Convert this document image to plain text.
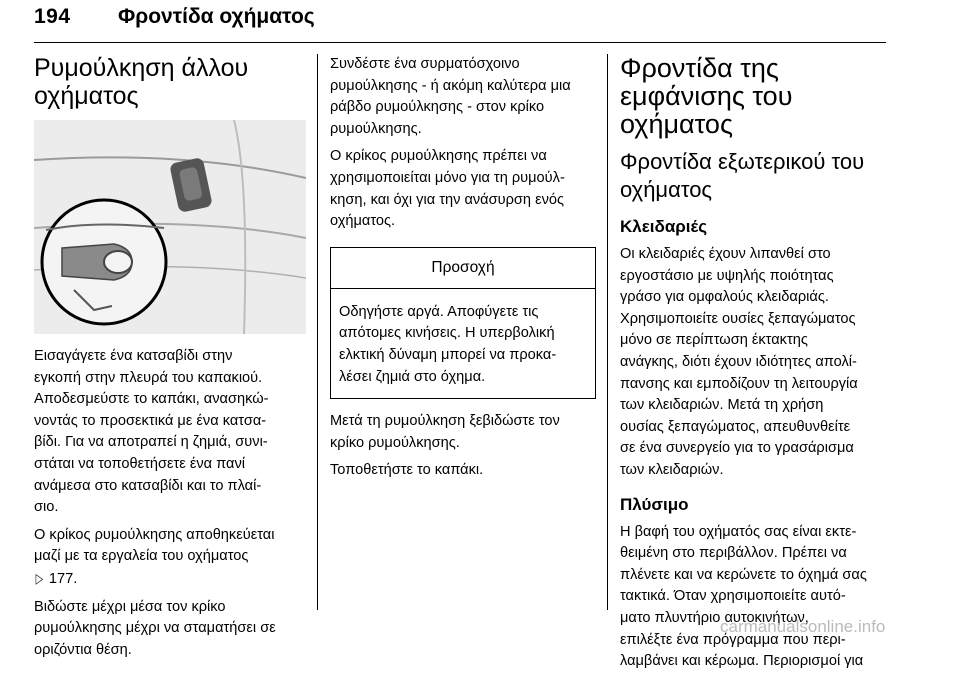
194 Φροντίδα οχήματος
Ρυμούλκηση άλλου
οχήματος
Εισαγάγετε ένα κατσαβίδι στην
εγκοπή στην πλευρά του καπακιού.
Αποδεσμεύστε το καπάκι, ανασηκώ-
νοντάς το προσεκτικά με ένα κατσα-
βίδι. Για να αποτραπεί η ζημιά, συνι-
στάται να τοποθετήσετε ένα πανί
ανάμεσα στο κατσαβίδι και το πλαί-
σιο.
Ο κρίκος ρυμούλκησης αποθηκεύεται
μαζί με τα εργαλεία του οχήματος
▷ 177.
Βιδώστε μέχρι μέσα τον κρίκο
ρυμούλκησης μέχρι να σταματήσει σε
οριζόντια θέση.
Συνδέστε ένα συρματόσχοινο
ρυμούλκησης - ή ακόμη καλύτερα μια
ράβδο ρυμούλκησης - στον κρίκο
ρυμούλκησης.
Ο κρίκος ρυμούλκησης πρέπει να
χρησιμοποιείται μόνο για τη ρυμούλ-
κηση, και όχι για την ανάσυρση ενός
οχήματος.
Προσοχή
Οδηγήστε αργά. Αποφύγετε τις
απότομες κινήσεις. Η υπερβολική
ελκτική δύναμη μπορεί να προκα-
λέσει ζημιά στο όχημα.
Μετά τη ρυμούλκηση ξεβιδώστε τον
κρίκο ρυμούλκησης.
Τοποθετήστε το καπάκι.
Φροντίδα της
εμφάνισης του
οχήματος
Φροντίδα εξωτερικού του
οχήματος
Κλειδαριές
Οι κλειδαριές έχουν λιπανθεί στο
εργοστάσιο με υψηλής ποιότητας
γράσο για ομφαλούς κλειδαριάς.
Χρησιμοποιείτε ουσίες ξεπαγώματος
μόνο σε περίπτωση έκτακτης
ανάγκης, διότι έχουν ιδιότητες απολί-
πανσης και εμποδίζουν τη λειτουργία
των κλειδαριών. Μετά τη χρήση
ουσίας ξεπαγώματος, απευθυνθείτε
σε ένα συνεργείο για το γρασάρισμα
των κλειδαριών.
Πλύσιμο
Η βαφή του οχήματός σας είναι εκτε-
θειμένη στο περιβάλλον. Πρέπει να
πλένετε και να κερώνετε το όχημά σας
τακτικά. Όταν χρησιμοποιείτε αυτό-
ματο πλυντήριο αυτοκινήτων,
επιλέξτε ένα πρόγραμμα που περι-
λαμβάνει και κέρωμα. Περιορισμοί για
carmanualsonline.info
